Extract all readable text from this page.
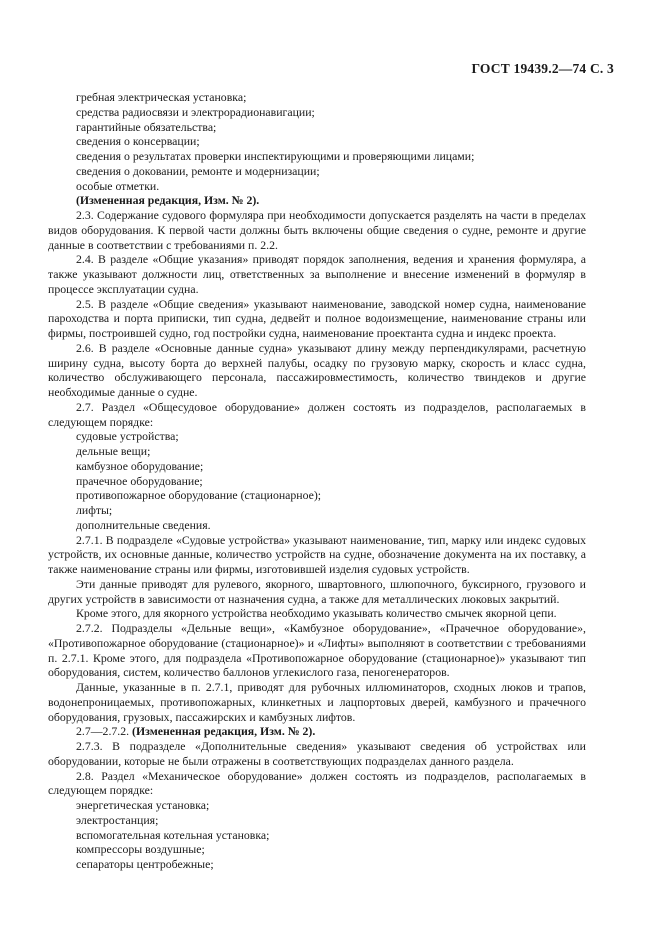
ГОСТ 19439.2—74 С. 3

гребная электрическая установка;

средства радиосвязи и электрорадионавигации;

гарантийные обязательства;

сведения о консервации;

сведения о результатах проверки инспектирующими и проверяющими лицами;

сведения о доковании, ремонте и модернизации;

особые отметки.

(Измененная редакция, Изм. № 2).

2.3. Содержание судового формуляра при необходимости допускается разделять на части в пределах видов оборудования. К первой части должны быть включены общие сведения о судне, ремонте и другие данные в соответствии с требованиями п. 2.2.

2.4. В разделе «Общие указания» приводят порядок заполнения, ведения и хранения формуляра, а также указывают должности лиц, ответственных за выполнение и внесение изменений в формуляр в процессе эксплуатации судна.

2.5. В разделе «Общие сведения» указывают наименование, заводской номер судна, наименование пароходства и порта приписки, тип судна, дедвейт и полное водоизмещение, наименование страны или фирмы, построившей судно, год постройки судна, наименование проектанта судна и индекс проекта.

2.6. В разделе «Основные данные судна» указывают длину между перпендикулярами, расчетную ширину судна, высоту борта до верхней палубы, осадку по грузовую марку, скорость и класс судна, количество обслуживающего персонала, пассажировместимость, количество твиндеков и другие необходимые данные о судне.

2.7. Раздел «Общесудовое оборудование» должен состоять из подразделов, располагаемых в следующем порядке:

судовые устройства;

дельные вещи;

камбузное оборудование;

прачечное оборудование;

противопожарное оборудование (стационарное);

лифты;

дополнительные сведения.

2.7.1. В подразделе «Судовые устройства» указывают наименование, тип, марку или индекс судовых устройств, их основные данные, количество устройств на судне, обозначение документа на их поставку, а также наименование страны или фирмы, изготовившей изделия судовых устройств.

Эти данные приводят для рулевого, якорного, швартовного, шлюпочного, буксирного, грузового и других устройств в зависимости от назначения судна, а также для металлических люковых закрытий.

Кроме этого, для якорного устройства необходимо указывать количество смычек якорной цепи.

2.7.2. Подразделы «Дельные вещи», «Камбузное оборудование», «Прачечное оборудование», «Противопожарное оборудование (стационарное)» и «Лифты» выполняют в соответствии с требованиями п. 2.7.1. Кроме этого, для подраздела «Противопожарное оборудование (стационарное)» указывают тип оборудования, систем, количество баллонов углекислого газа, пеногенераторов.

Данные, указанные в п. 2.7.1, приводят для рубочных иллюминаторов, сходных люков и трапов, водонепроницаемых, противопожарных, клинкетных и лацпортовых дверей, камбузного и прачечного оборудования, грузовых, пассажирских и камбузных лифтов.

2.7—2.7.2. (Измененная редакция, Изм. № 2).

2.7.3. В подразделе «Дополнительные сведения» указывают сведения об устройствах или оборудовании, которые не были отражены в соответствующих подразделах данного раздела.

2.8. Раздел «Механическое оборудование» должен состоять из подразделов, располагаемых в следующем порядке:

энергетическая установка;

электростанция;

вспомогательная котельная установка;

компрессоры воздушные;

сепараторы центробежные;
